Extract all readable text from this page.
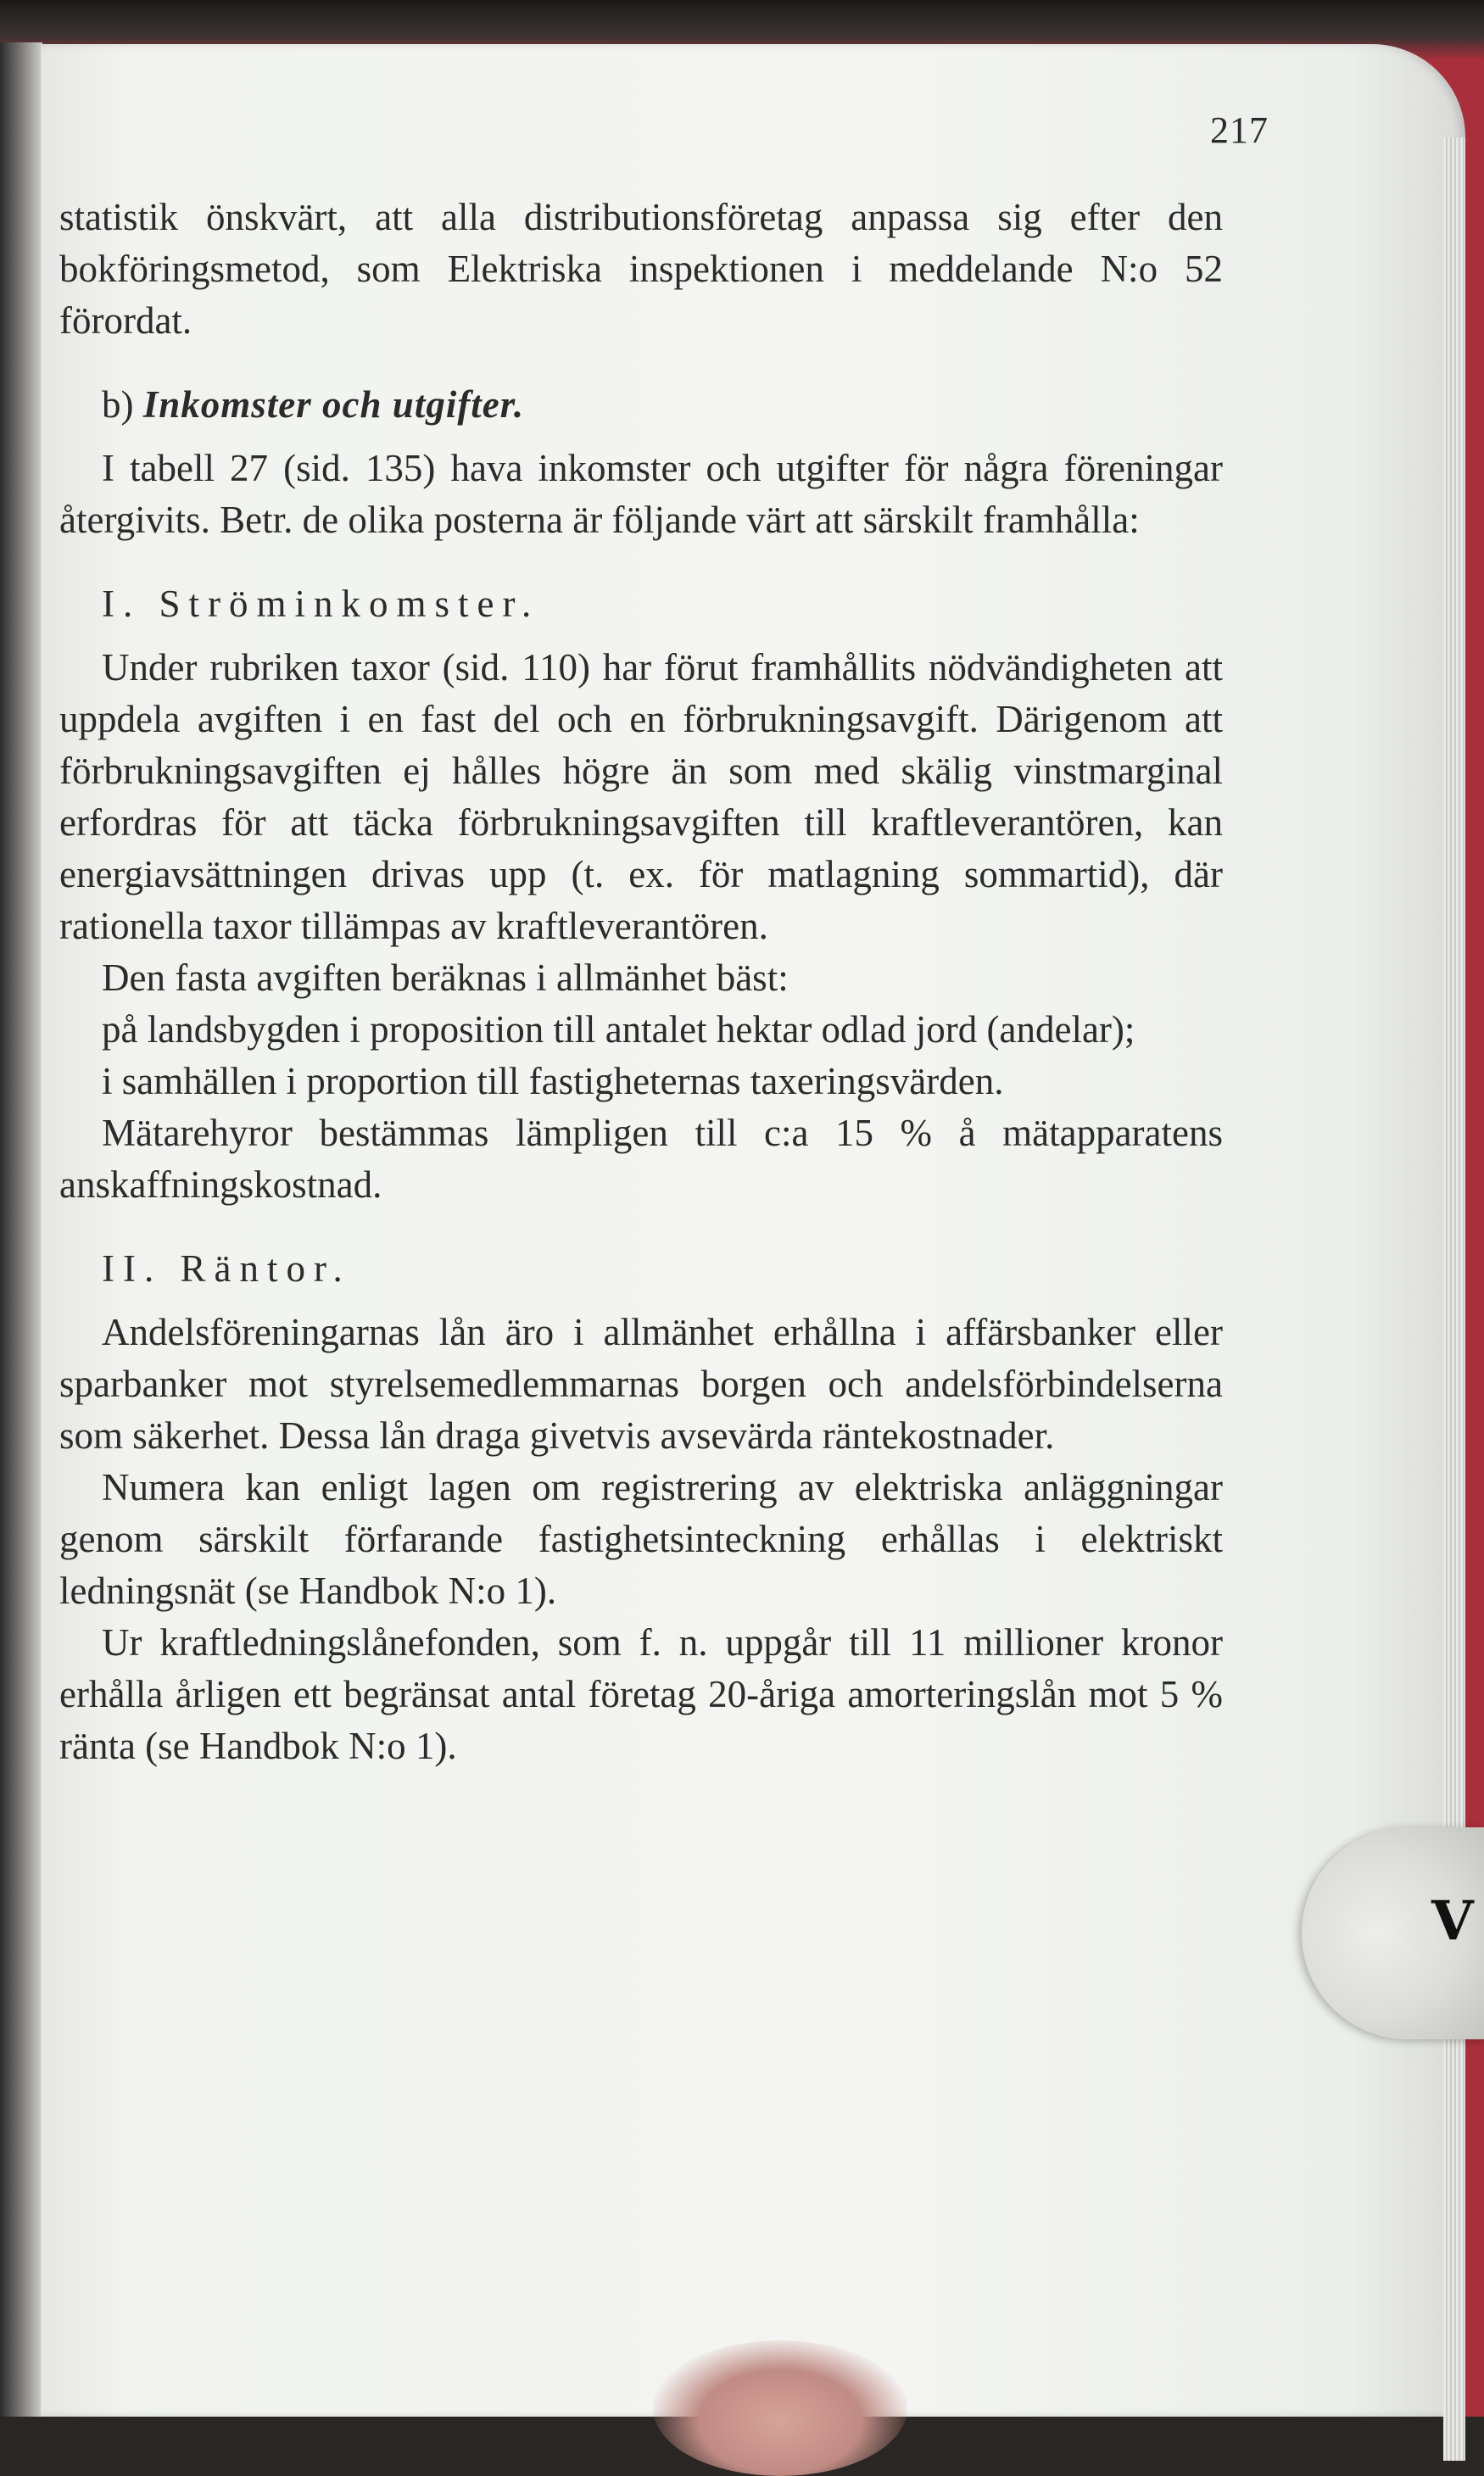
217

statistik önskvärt, att alla distributionsföretag anpassa sig efter den bokföringsmetod, som Elektriska inspektionen i meddelande N:o 52 förordat.

b) Inkomster och utgifter.

I tabell 27 (sid. 135) hava inkomster och utgifter för några föreningar återgivits. Betr. de olika posterna är följande värt att särskilt framhålla:

I. Ströminkomster.

Under rubriken taxor (sid. 110) har förut framhållits nödvändigheten att uppdela avgiften i en fast del och en förbrukningsavgift. Därigenom att förbrukningsavgiften ej hålles högre än som med skälig vinstmarginal erfordras för att täcka förbrukningsavgiften till kraftleverantören, kan energiavsättningen drivas upp (t. ex. för matlagning sommartid), där rationella taxor tillämpas av kraftleverantören.

Den fasta avgiften beräknas i allmänhet bäst:

på landsbygden i proposition till antalet hektar odlad jord (andelar);

i samhällen i proportion till fastigheternas taxeringsvärden.

Mätarehyror bestämmas lämpligen till c:a 15 % å mätapparatens anskaffningskostnad.

II. Räntor.

Andelsföreningarnas lån äro i allmänhet erhållna i affärsbanker eller sparbanker mot styrelsemedlemmarnas borgen och andelsförbindelserna som säkerhet. Dessa lån draga givetvis avsevärda räntekostnader.

Numera kan enligt lagen om registrering av elektriska anläggningar genom särskilt förfarande fastighetsinteckning erhållas i elektriskt ledningsnät (se Handbok N:o 1).

Ur kraftledningslånefonden, som f. n. uppgår till 11 millioner kronor erhålla årligen ett begränsat antal företag 20-åriga amorteringslån mot 5 % ränta (se Handbok N:o 1).

V
